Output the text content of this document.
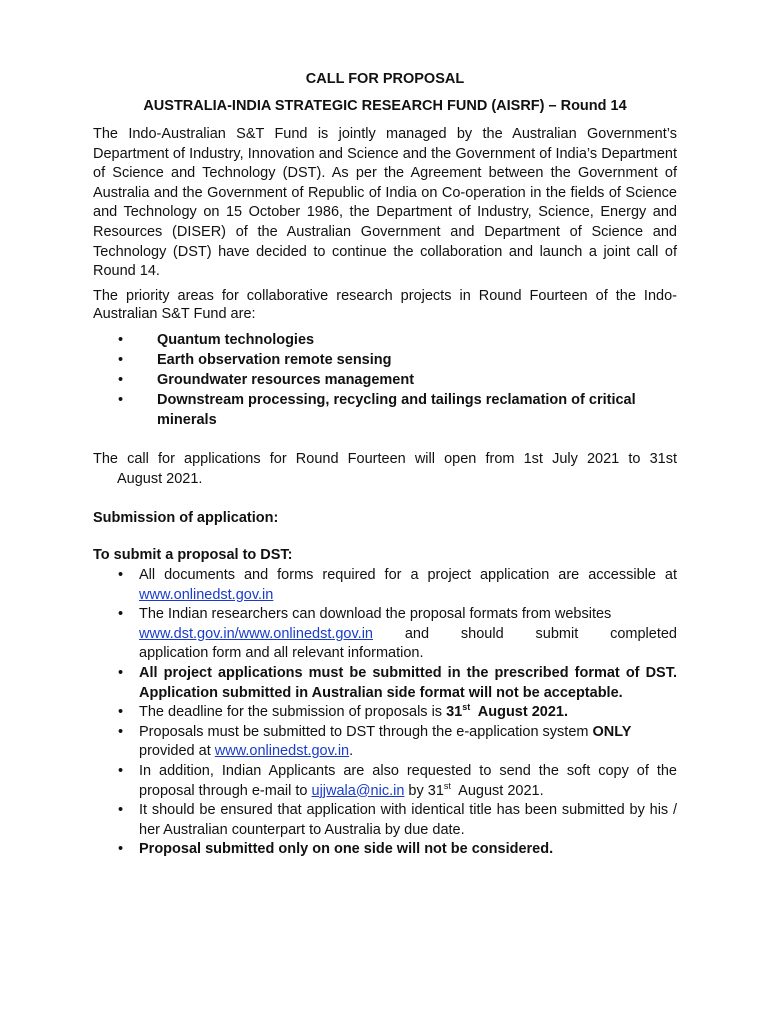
CALL FOR PROPOSAL
AUSTRALIA-INDIA STRATEGIC RESEARCH FUND (AISRF) – Round 14

The Indo-Australian S&T Fund is jointly managed by the Australian Government’s Department of Industry, Innovation and Science and the Government of India’s Department of Science and Technology (DST). As per the Agreement between the Government of Australia and the Government of Republic of India on Co-operation in the fields of Science and Technology on 15 October 1986, the Department of Industry, Science, Energy and Resources (DISER) of the Australian Government and Department of Science and Technology (DST) have decided to continue the collaboration and launch a joint call of Round 14.

The priority areas for collaborative research projects in Round Fourteen of the Indo-Australian S&T Fund are:

• Quantum technologies
• Earth observation remote sensing
• Groundwater resources management
• Downstream processing, recycling and tailings reclamation of critical minerals

The call for applications for Round Fourteen will open from 1st July 2021 to 31st
August 2021.

Submission of application:
To submit a proposal to DST:
• All documents and forms required for a project application are accessible at www.onlinedst.gov.in
• The Indian researchers can download the proposal formats from websites
www.dst.gov.in/www.onlinedst.gov.in and should submit completed
application form and all relevant information.
• All project applications must be submitted in the prescribed format of DST. Application submitted in Australian side format will not be acceptable.
• The deadline for the submission of proposals is 31st  August 2021.
• Proposals must be submitted to DST through the e-application system ONLY
provided at www.onlinedst.gov.in.
• In addition, Indian Applicants are also requested to send the soft copy of the proposal through e-mail to ujjwala@nic.in by 31st  August 2021.
• It should be ensured that application with identical title has been submitted by his / her Australian counterpart to Australia by due date.
• Proposal submitted only on one side will not be considered.
